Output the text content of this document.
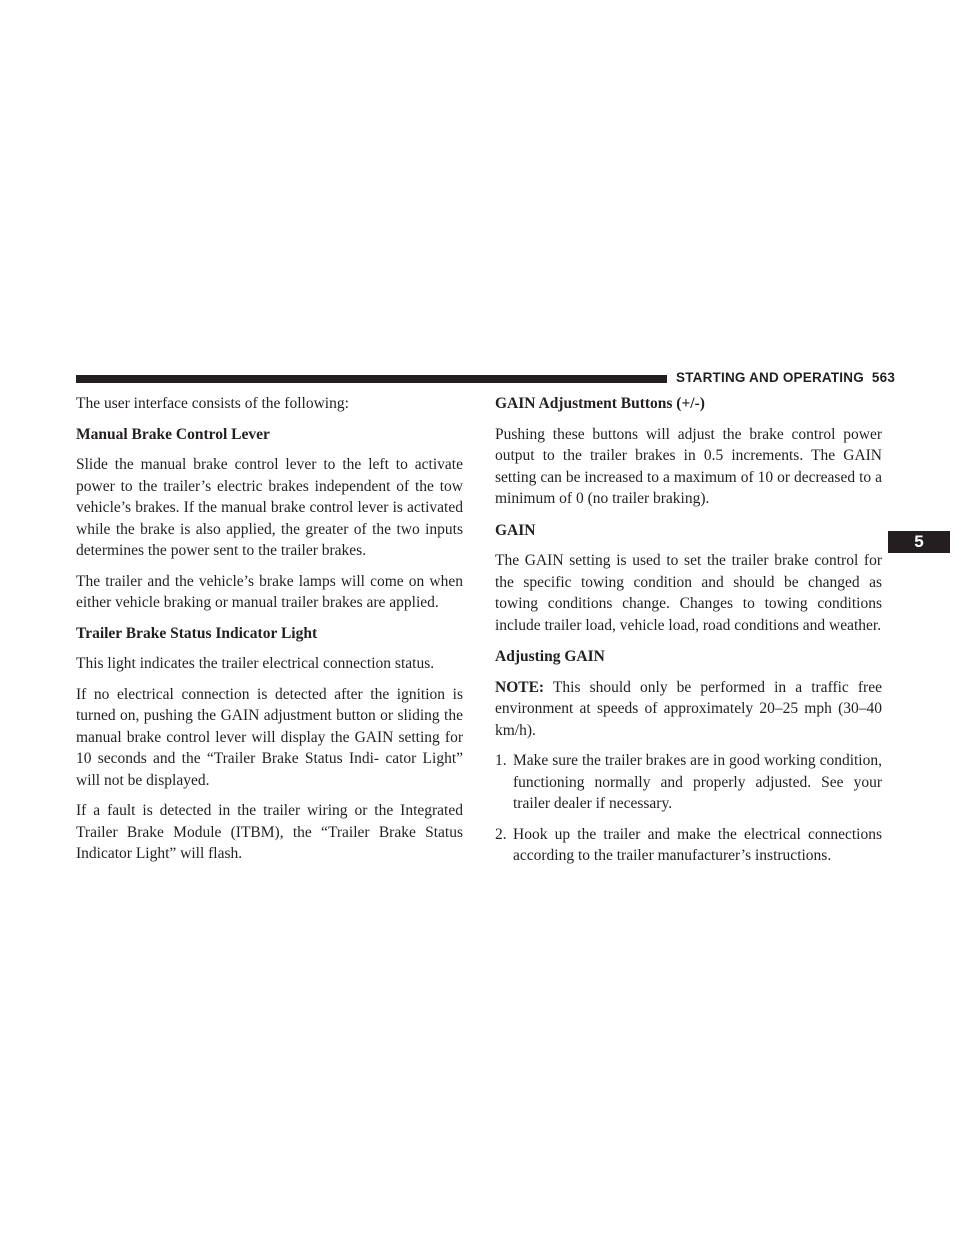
STARTING AND OPERATING 563
5

The user interface consists of the following:

Manual Brake Control Lever

Slide the manual brake control lever to the left to activate power to the trailer’s electric brakes independent of the tow vehicle’s brakes. If the manual brake control lever is activated while the brake is also applied, the greater of the two inputs determines the power sent to the trailer brakes.

The trailer and the vehicle’s brake lamps will come on when either vehicle braking or manual trailer brakes are applied.

Trailer Brake Status Indicator Light

This light indicates the trailer electrical connection status.

If no electrical connection is detected after the ignition is turned on, pushing the GAIN adjustment button or sliding the manual brake control lever will display the GAIN setting for 10 seconds and the “Trailer Brake Status Indi- cator Light” will not be displayed.

If a fault is detected in the trailer wiring or the Integrated Trailer Brake Module (ITBM), the “Trailer Brake Status Indicator Light” will flash.

GAIN Adjustment Buttons (+/-)

Pushing these buttons will adjust the brake control power output to the trailer brakes in 0.5 increments. The GAIN setting can be increased to a maximum of 10 or decreased to a minimum of 0 (no trailer braking).

GAIN

The GAIN setting is used to set the trailer brake control for the specific towing condition and should be changed as towing conditions change. Changes to towing conditions include trailer load, vehicle load, road conditions and weather.

Adjusting GAIN

NOTE: This should only be performed in a traffic free environment at speeds of approximately 20–25 mph (30–40 km/h).

1. Make sure the trailer brakes are in good working condition, functioning normally and properly adjusted. See your trailer dealer if necessary.
2. Hook up the trailer and make the electrical connections according to the trailer manufacturer’s instructions.
